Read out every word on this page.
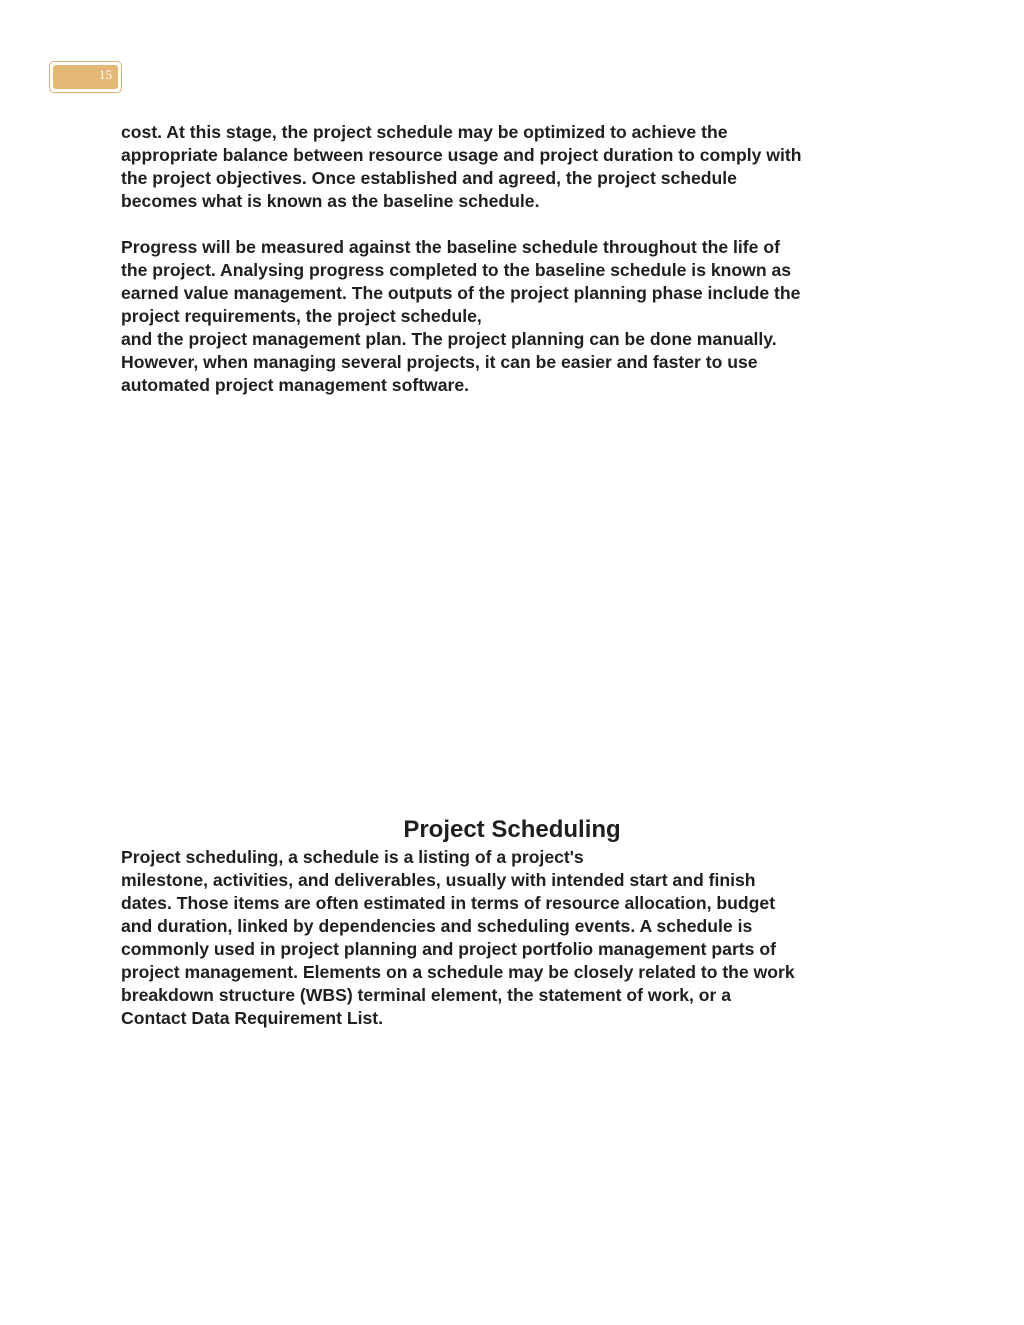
15

cost. At this stage, the project schedule may be optimized to achieve the
appropriate balance between resource usage and project duration to comply with
the project objectives. Once established and agreed, the project schedule
becomes what is known as the baseline schedule.

Progress will be measured against the baseline schedule throughout the life of
the project. Analysing progress completed to the baseline schedule is known as
earned value management. The outputs of the project planning phase include the
project requirements, the project schedule,
and the project management plan. The project planning can be done manually.
However, when managing several projects, it can be easier and faster to use
automated project management software.

Project Scheduling

Project scheduling, a schedule is a listing of a project's
milestone, activities, and deliverables, usually with intended start and finish
dates. Those items are often estimated in terms of resource allocation, budget
and duration, linked by dependencies and scheduling events. A schedule is
commonly used in project planning and project portfolio management parts of
project management. Elements on a schedule may be closely related to the work
breakdown structure (WBS) terminal element, the statement of work, or a
Contact Data Requirement List.
